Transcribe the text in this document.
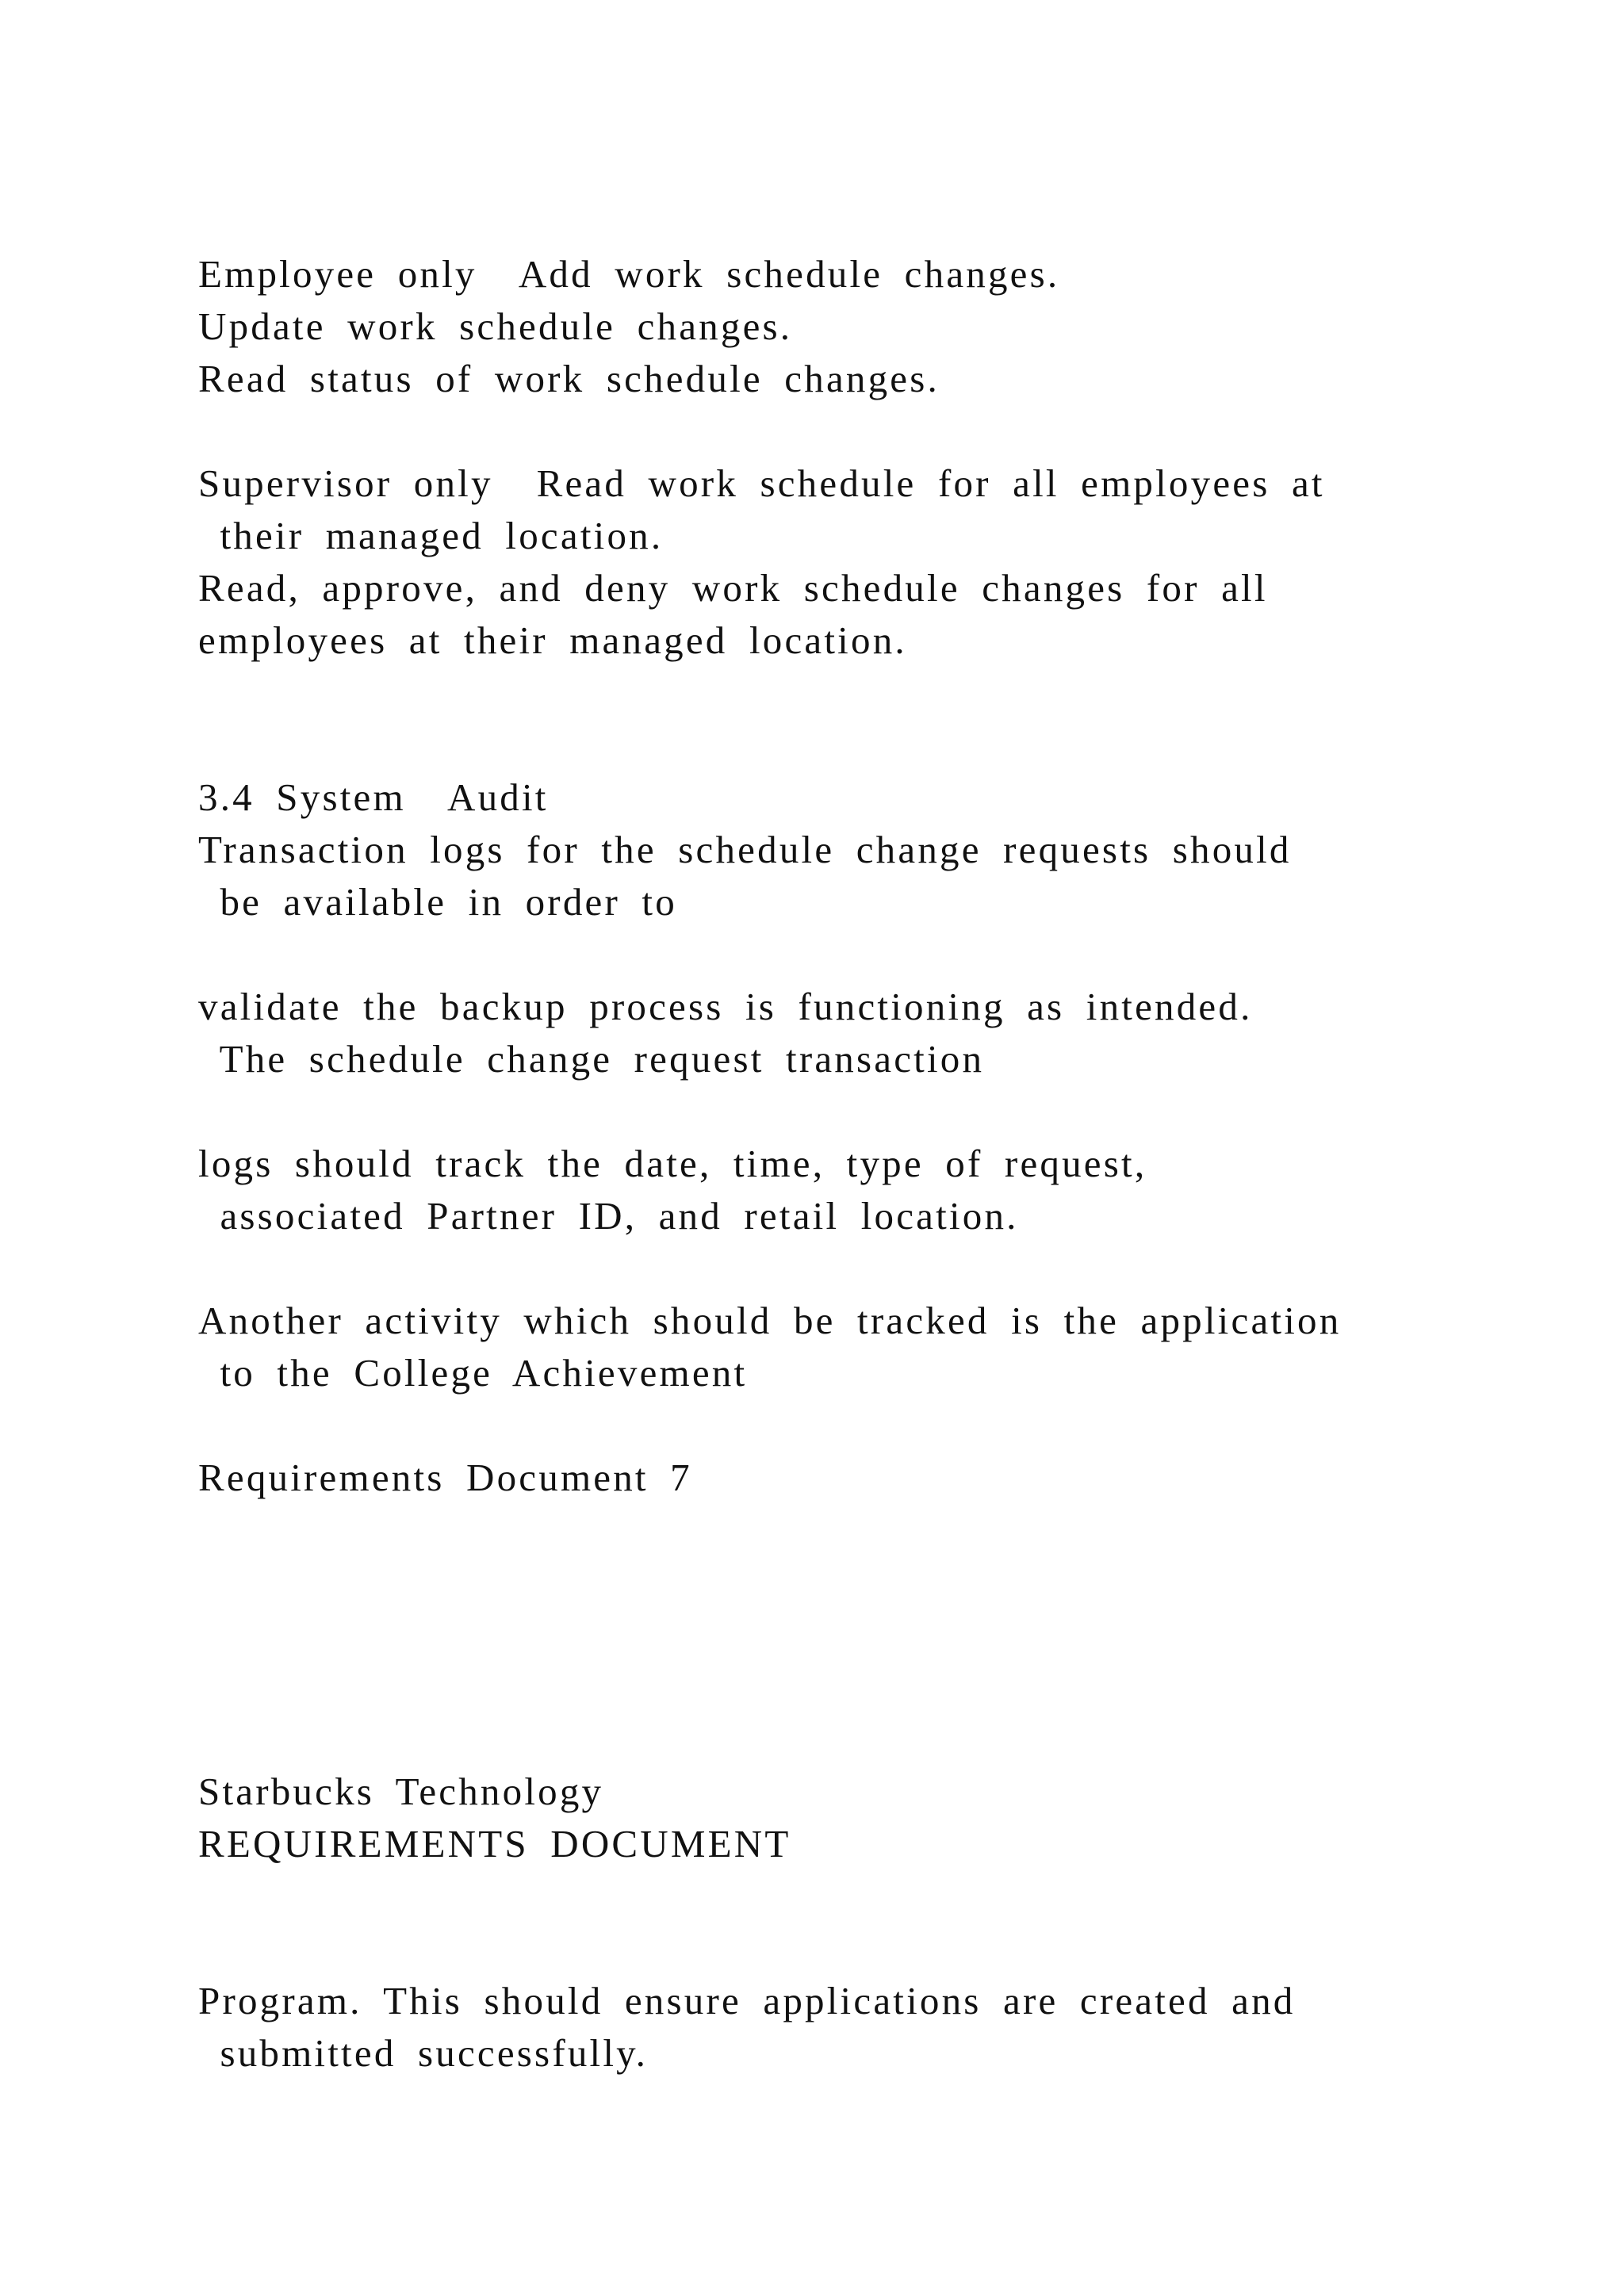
Employee only  Add work schedule changes.

Update work schedule changes.

Read status of work schedule changes.

Supervisor only  Read work schedule for all employees at

their managed location.

Read, approve, and deny work schedule changes for all

employees at their managed location.

3.4 System  Audit

Transaction logs for the schedule change requests should

be available in order to

validate the backup process is functioning as intended.

The schedule change request transaction

logs should track the date, time, type of request,

associated Partner ID, and retail location.

Another activity which should be tracked is the application

to the College Achievement

Requirements Document 7

Starbucks Technology

REQUIREMENTS DOCUMENT

Program. This should ensure applications are created and

submitted successfully.
